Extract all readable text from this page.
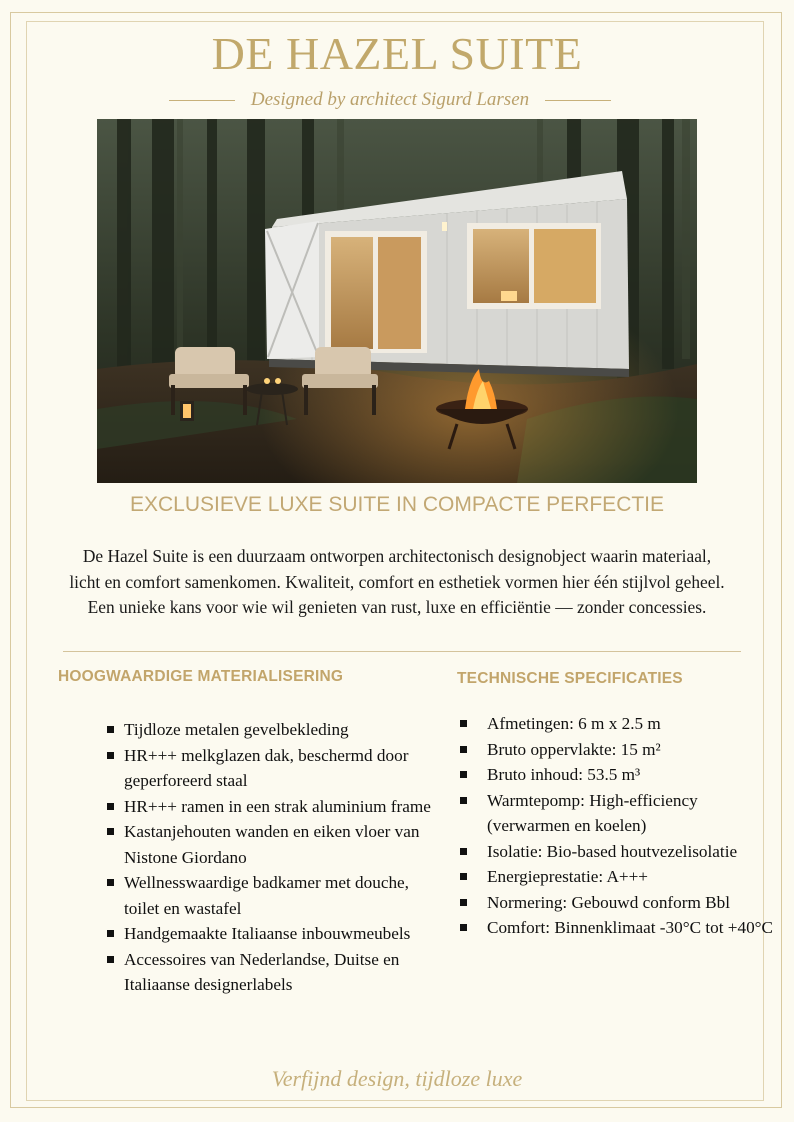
DE HAZEL SUITE
Designed by architect Sigurd Larsen
EXCLUSIEVE LUXE SUITE IN COMPACTE PERFECTIE
De Hazel Suite is een duurzaam ontworpen architectonisch designobject waarin materiaal, licht en comfort samenkomen. Kwaliteit, comfort en esthetiek vormen hier één stijlvol geheel. Een unieke kans voor wie wil genieten van rust, luxe en efficiëntie — zonder concessies.
HOOGWAARDIGE MATERIALISERING	TECHNISCHE SPECIFICATIES
Tijdloze metalen gevelbekleding
HR+++ melkglazen dak, beschermd door geperforeerd staal
HR+++ ramen in een strak aluminium frame
Kastanjehouten wanden en eiken vloer van Nistone Giordano
Wellnesswaardige badkamer met douche, toilet en wastafel
Handgemaakte Italiaanse inbouwmeubels
Accessoires van Nederlandse, Duitse en Italiaanse designerlabels
Afmetingen: 6 m x 2.5 m
Bruto oppervlakte: 15 m²
Bruto inhoud: 53.5 m³
Warmtepomp: High-efficiency (verwarmen en koelen)
Isolatie: Bio-based houtvezelisolatie
Energieprestatie: A+++
Normering: Gebouwd conform Bbl
Comfort: Binnenklimaat -30°C tot +40°C
Verfijnd design, tijdloze luxe
